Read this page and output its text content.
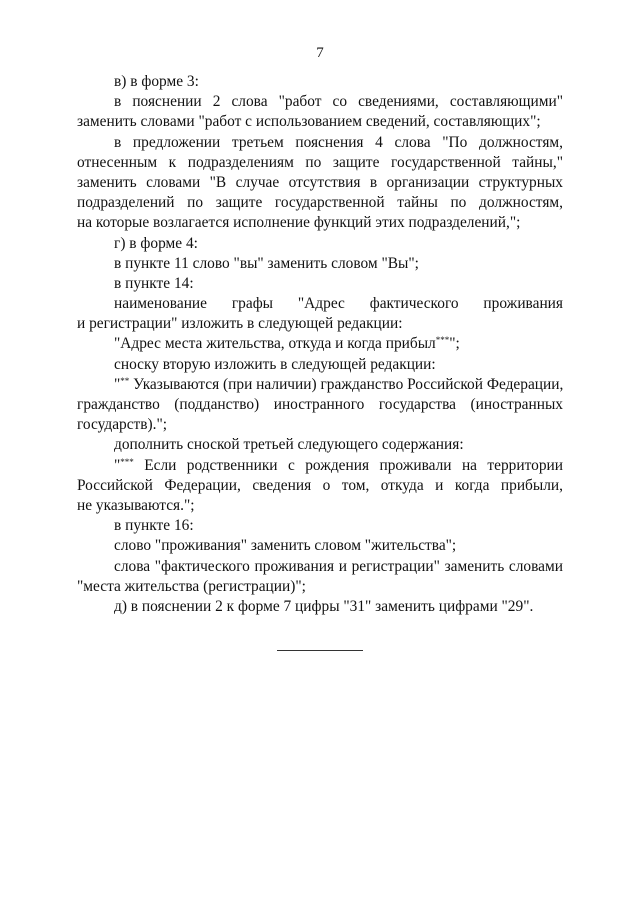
7
в) в форме 3:
в пояснении 2 слова "работ со сведениями, составляющими"
заменить словами "работ с использованием сведений, составляющих";
в предложении третьем пояснения 4 слова "По должностям,
отнесенным к подразделениям по защите государственной тайны,"
заменить словами "В случае отсутствия в организации структурных
подразделений по защите государственной тайны по должностям,
на которые возлагается исполнение функций этих подразделений,";
г) в форме 4:
в пункте 11 слово "вы" заменить словом "Вы";
в пункте 14:
наименование графы "Адрес фактического проживания
и регистрации" изложить в следующей редакции:
"Адрес места жительства, откуда и когда прибыл***";
сноску вторую изложить в следующей редакции:
"** Указываются (при наличии) гражданство Российской Федерации,
гражданство (подданство) иностранного государства (иностранных
государств).";
дополнить сноской третьей следующего содержания:
"*** Если родственники с рождения проживали на территории
Российской Федерации, сведения о том, откуда и когда прибыли,
не указываются.";
в пункте 16:
слово "проживания" заменить словом "жительства";
слова "фактического проживания и регистрации" заменить словами
"места жительства (регистрации)";
д) в пояснении 2 к форме 7 цифры "31" заменить цифрами "29".
